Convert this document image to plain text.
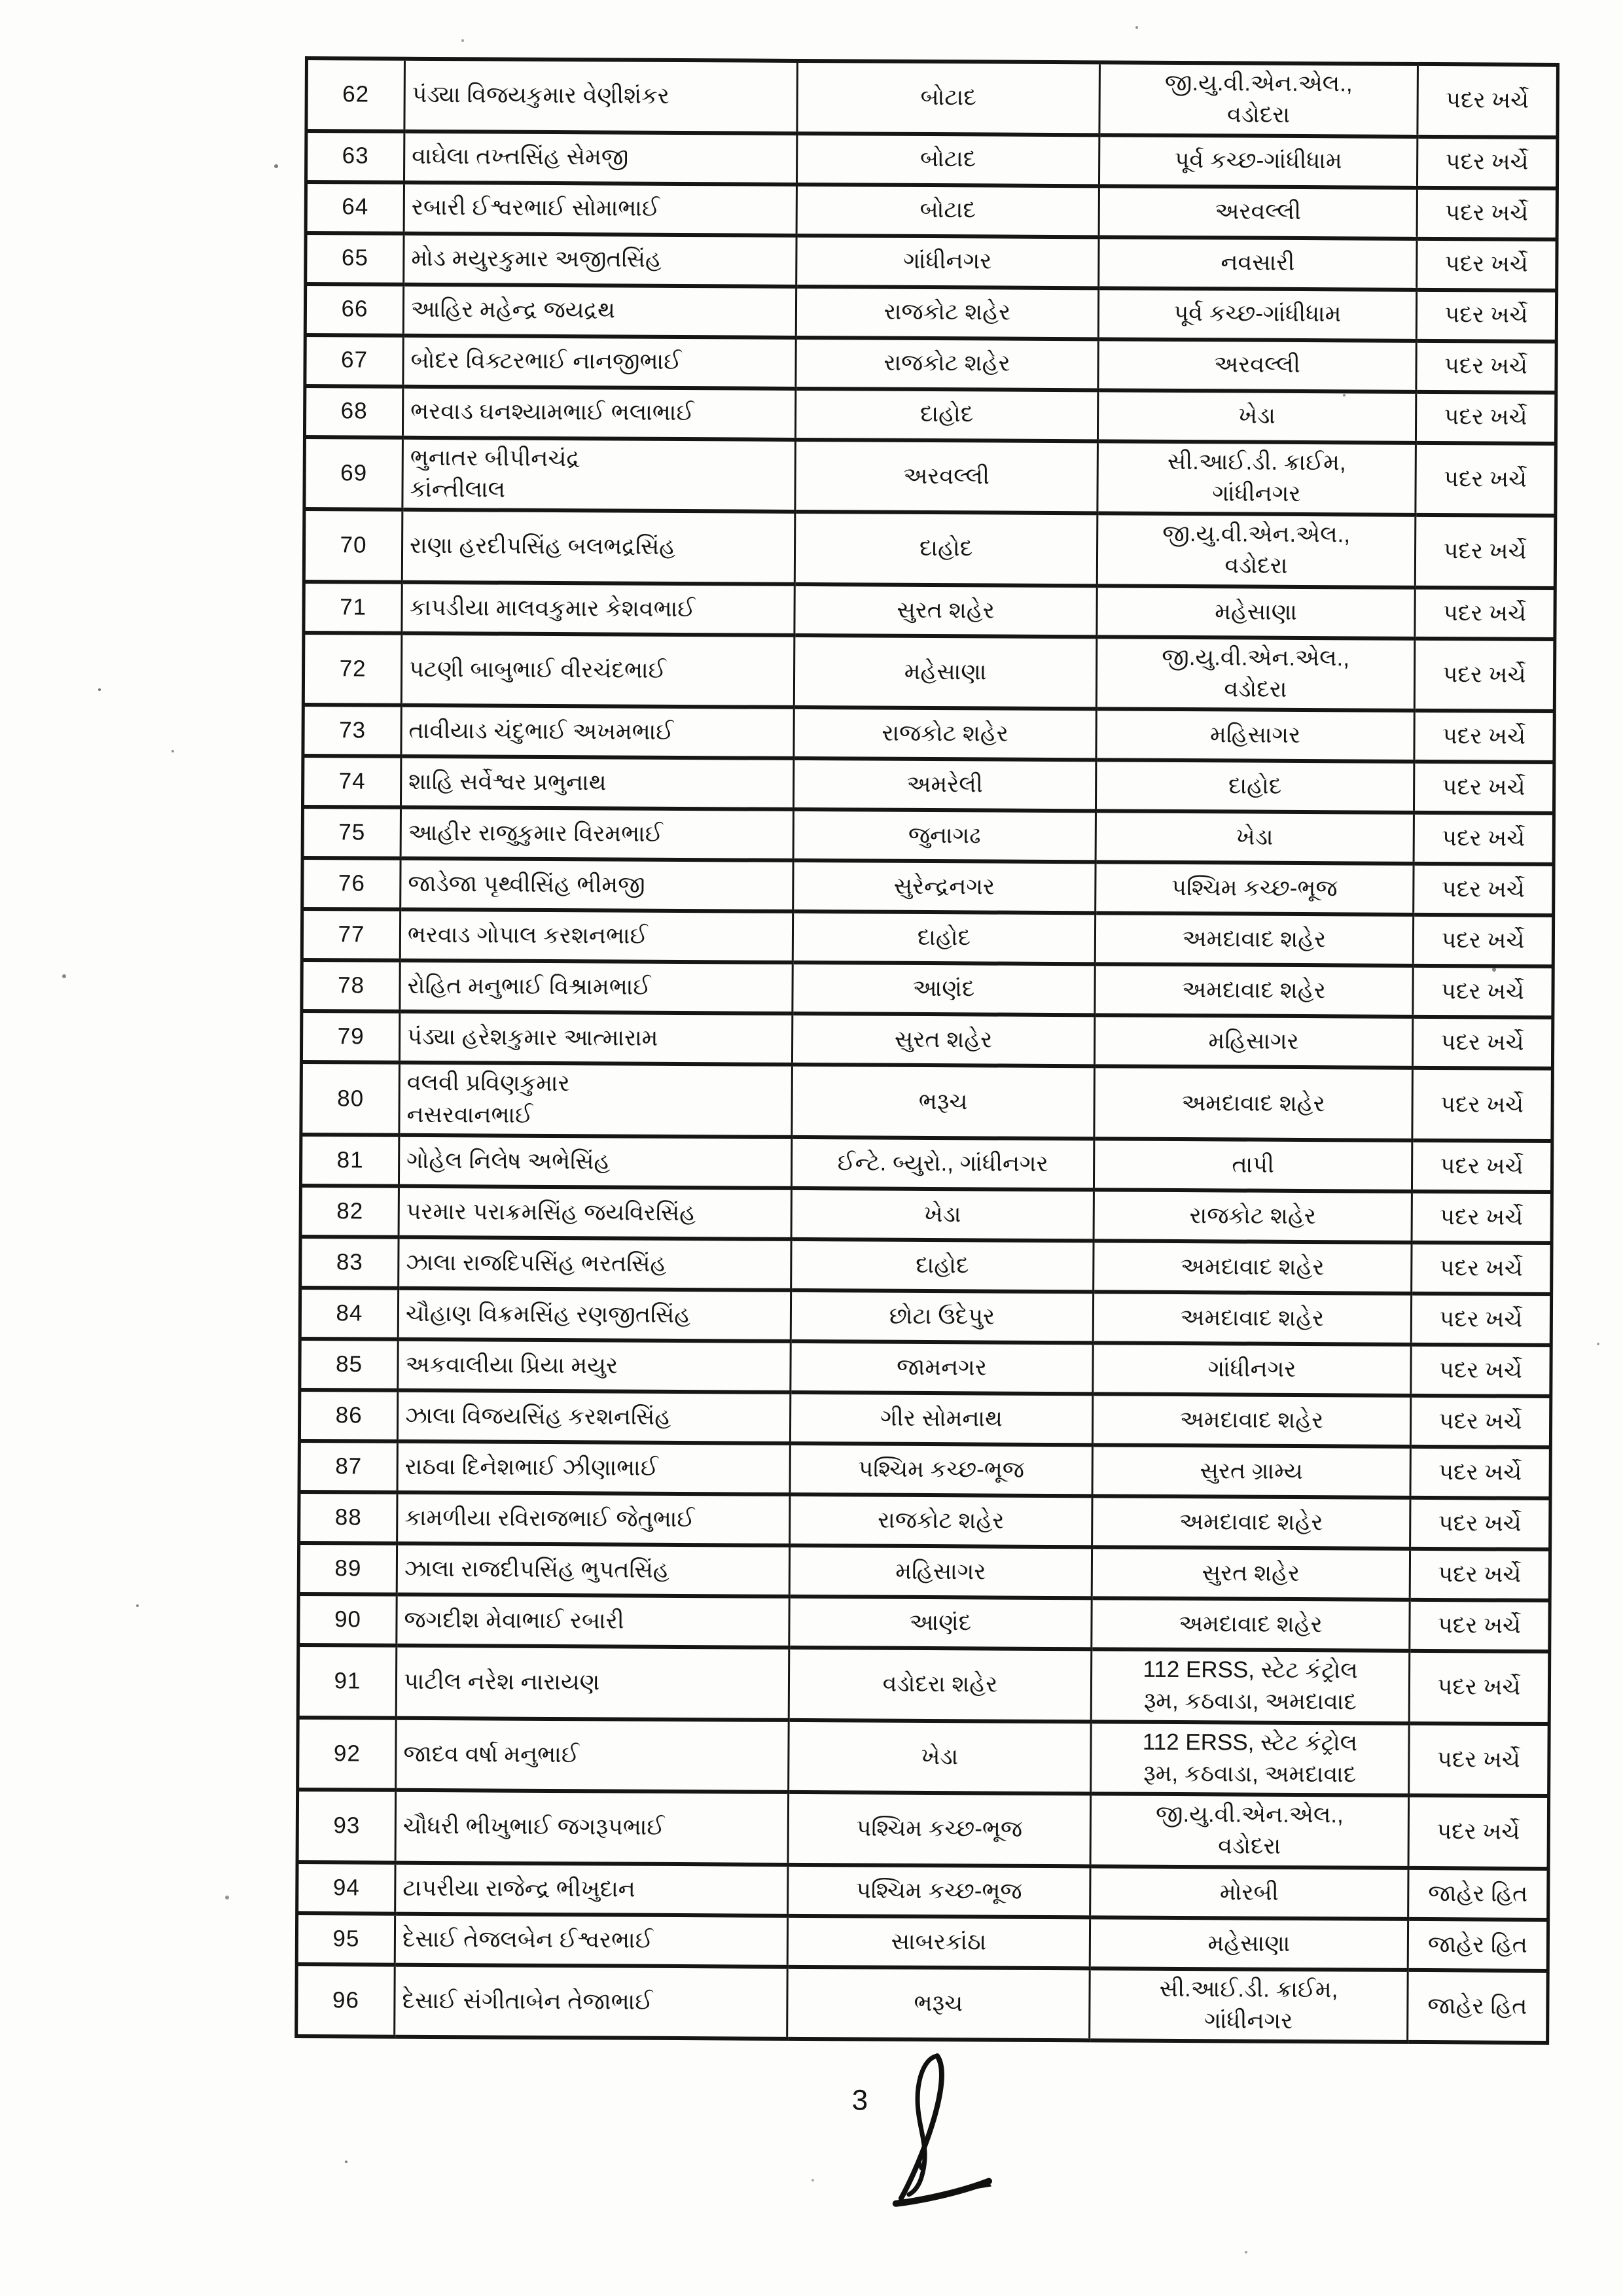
62	પંડ્યા વિજયકુમાર વેણીશંકર	બોટાદ	જી.યુ.વી.એન.એલ.,
વડોદરા	પદર ખર્ચે
63	વાઘેલા તખ્તસિંહ સેમજી	બોટાદ	પૂર્વ કચ્છ-ગાંધીધામ	પદર ખર્ચે
64	રબારી ઈશ્વરભાઈ સોમાભાઈ	બોટાદ	અરવલ્લી	પદર ખર્ચે
65	મોડ મયુરકુમાર અજીતસિંહ	ગાંધીનગર	નવસારી	પદર ખર્ચે
66	આહિર મહેન્દ્ર જયદ્રથ	રાજકોટ શહેર	પૂર્વ કચ્છ-ગાંધીધામ	પદર ખર્ચે
67	બોદર વિક્ટરભાઈ નાનજીભાઈ	રાજકોટ શહેર	અરવલ્લી	પદર ખર્ચે
68	ભરવાડ ઘનશ્યામભાઈ ભલાભાઈ	દાહોદ	ખેડા	પદર ખર્ચે
69	ભુનાતર બીપીનચંદ્ર
કાંન્તીલાલ	અરવલ્લી	સી.આઈ.ડી. ક્રાઈમ,
ગાંધીનગર	પદર ખર્ચે
70	રાણા હરદીપસિંહ બલભદ્રસિંહ	દાહોદ	જી.યુ.વી.એન.એલ.,
વડોદરા	પદર ખર્ચે
71	કાપડીયા માલવકુમાર કેશવભાઈ	સુરત શહેર	મહેસાણા	પદર ખર્ચે
72	પટણી બાબુભાઈ વીરચંદભાઈ	મહેસાણા	જી.યુ.વી.એન.એલ.,
વડોદરા	પદર ખર્ચે
73	તાવીયાડ ચંદુભાઈ અખમભાઈ	રાજકોટ શહેર	મહિસાગર	પદર ખર્ચે
74	શાહિ સર્વેશ્વર પ્રભુનાથ	અમરેલી	દાહોદ	પદર ખર્ચે
75	આહીર રાજુકુમાર વિરમભાઈ	જુનાગઢ	ખેડા	પદર ખર્ચે
76	જાડેજા પૃથ્વીસિંહ ભીમજી	સુરેન્દ્રનગર	પશ્ચિમ કચ્છ-ભૂજ	પદર ખર્ચે
77	ભરવાડ ગોપાલ કરશનભાઈ	દાહોદ	અમદાવાદ શહેર	પદર ખર્ચે
78	રોહિત મનુભાઈ વિશ્રામભાઈ	આણંદ	અમદાવાદ શહેર	પદર ખર્ચે
79	પંડ્યા હરેશકુમાર આત્મારામ	સુરત શહેર	મહિસાગર	પદર ખર્ચે
80	વલવી પ્રવિણકુમાર
નસરવાનભાઈ	ભરૂચ	અમદાવાદ શહેર	પદર ખર્ચે
81	ગોહેલ નિલેષ અભેસિંહ	ઈન્ટે. બ્યુરો., ગાંધીનગર	તાપી	પદર ખર્ચે
82	પરમાર પરાક્રમસિંહ જયવિરસિંહ	ખેડા	રાજકોટ શહેર	પદર ખર્ચે
83	ઝાલા રાજદિપસિંહ ભરતસિંહ	દાહોદ	અમદાવાદ શહેર	પદર ખર્ચે
84	ચૌહાણ વિક્રમસિંહ રણજીતસિંહ	છોટા ઉદેપુર	અમદાવાદ શહેર	પદર ખર્ચે
85	અકવાલીયા પ્રિયા મયુર	જામનગર	ગાંધીનગર	પદર ખર્ચે
86	ઝાલા વિજયસિંહ કરશનસિંહ	ગીર સોમનાથ	અમદાવાદ શહેર	પદર ખર્ચે
87	રાઠવા દિનેશભાઈ ઝીણાભાઈ	પશ્ચિમ કચ્છ-ભૂજ	સુરત ગ્રામ્ય	પદર ખર્ચે
88	કામળીયા રવિરાજભાઈ જેતુભાઈ	રાજકોટ શહેર	અમદાવાદ શહેર	પદર ખર્ચે
89	ઝાલા રાજદીપસિંહ ભુપતસિંહ	મહિસાગર	સુરત શહેર	પદર ખર્ચે
90	જગદીશ મેવાભાઈ રબારી	આણંદ	અમદાવાદ શહેર	પદર ખર્ચે
91	પાટીલ નરેશ નારાયણ	વડોદરા શહેર	112 ERSS, સ્ટેટ કંટ્રોલ
રૂમ, કઠવાડા, અમદાવાદ	પદર ખર્ચે
92	જાદવ વર્ષા મનુભાઈ	ખેડા	112 ERSS, સ્ટેટ કંટ્રોલ
રૂમ, કઠવાડા, અમદાવાદ	પદર ખર્ચે
93	ચૌધરી ભીખુભાઈ જગરૂપભાઈ	પશ્ચિમ કચ્છ-ભૂજ	જી.યુ.વી.એન.એલ.,
વડોદરા	પદર ખર્ચે
94	ટાપરીયા રાજેન્દ્ર ભીખુદાન	પશ્ચિમ કચ્છ-ભૂજ	મોરબી	જાહેર હિત
95	દેસાઈ તેજલબેન ઈશ્વરભાઈ	સાબરકાંઠા	મહેસાણા	જાહેર હિત
96	દેસાઈ સંગીતાબેન તેજાભાઈ	ભરૂચ	સી.આઈ.ડી. ક્રાઈમ,
ગાંધીનગર	જાહેર હિત
3
